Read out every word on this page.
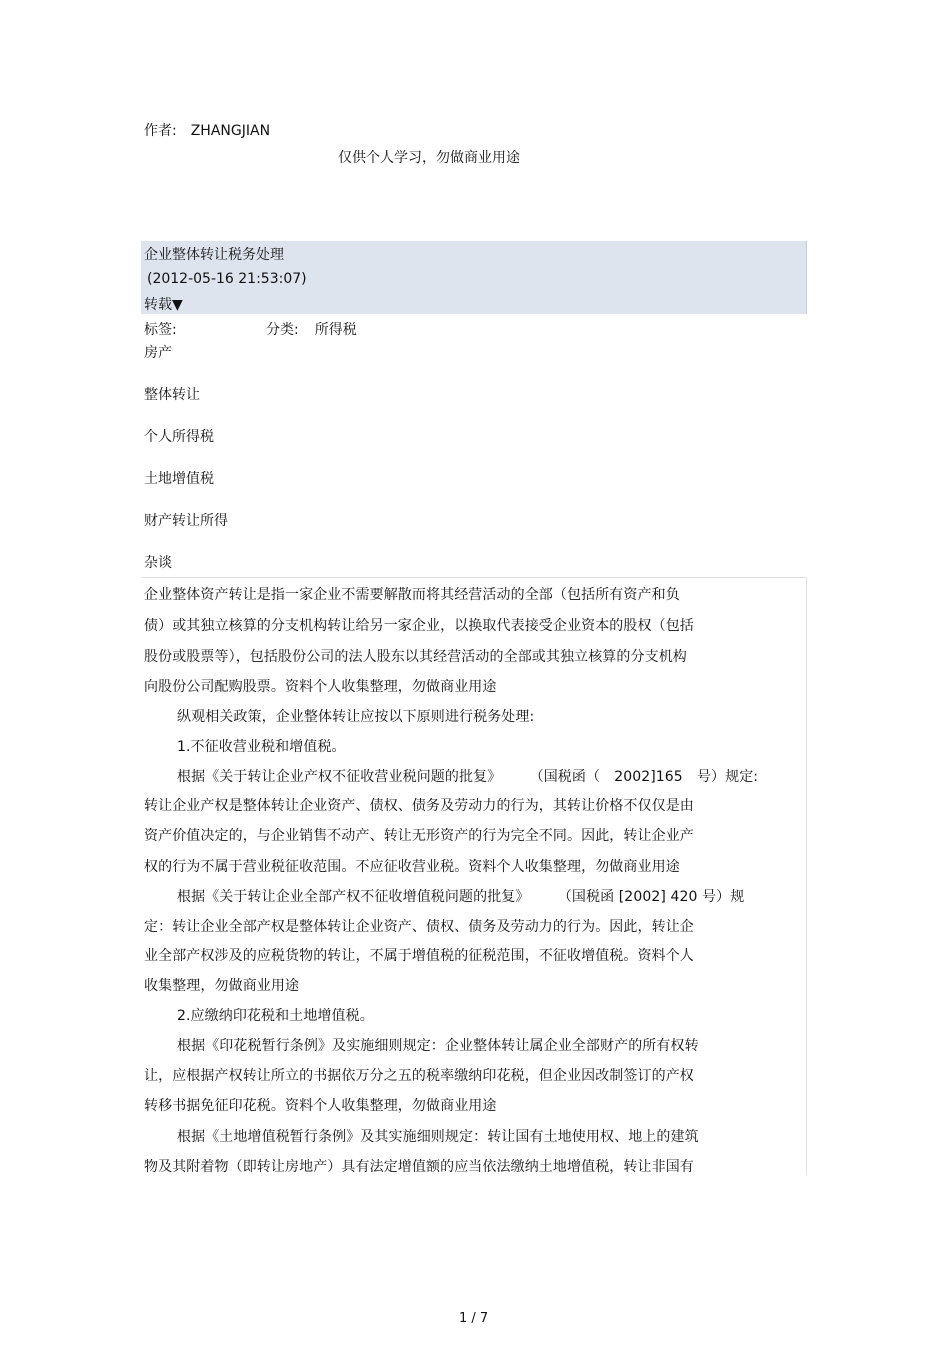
作者: ZHANGJIAN
仅供个人学习，勿做商业用途
企业整体转让税务处理
(2012-05-16 21:53:07)
转载▼
标签:	分类: 所得税
房产
整体转让
个人所得税
土地增值税
财产转让所得
杂谈
企业整体资产转让是指一家企业不需要解散而将其经营活动的全部（包括所有资产和负
债）或其独立核算的分支机构转让给另一家企业，以换取代表接受企业资本的股权（包括
股份或股票等），包括股份公司的法人股东以其经营活动的全部或其独立核算的分支机构
向股份公司配购股票。资料个人收集整理，勿做商业用途
纵观相关政策，企业整体转让应按以下原则进行税务处理:
1.不征收营业税和增值税。
根据《关于转让企业产权不征收营业税问题的批复》　　　（国税函（　2002]165　号）规定:
转让企业产权是整体转让企业资产、债权、债务及劳动力的行为，其转让价格不仅仅是由
资产价值决定的，与企业销售不动产、转让无形资产的行为完全不同。因此，转让企业产
权的行为不属于营业税征收范围。不应征收营业税。资料个人收集整理，勿做商业用途
根据《关于转让企业全部产权不征收增值税问题的批复》　　　（国税函 [2002] 420 号）规
定：转让企业全部产权是整体转让企业资产、债权、债务及劳动力的行为。因此，转让企
业全部产权涉及的应税货物的转让，不属于增值税的征税范围，不征收增值税。资料个人
收集整理，勿做商业用途
2.应缴纳印花税和土地增值税。
根据《印花税暂行条例》及实施细则规定：企业整体转让属企业全部财产的所有权转
让，应根据产权转让所立的书据依万分之五的税率缴纳印花税，但企业因改制签订的产权
转移书据免征印花税。资料个人收集整理，勿做商业用途
根据《土地增值税暂行条例》及其实施细则规定：转让国有土地使用权、地上的建筑
物及其附着物（即转让房地产）具有法定增值额的应当依法缴纳土地增值税，转让非国有
1 / 7
